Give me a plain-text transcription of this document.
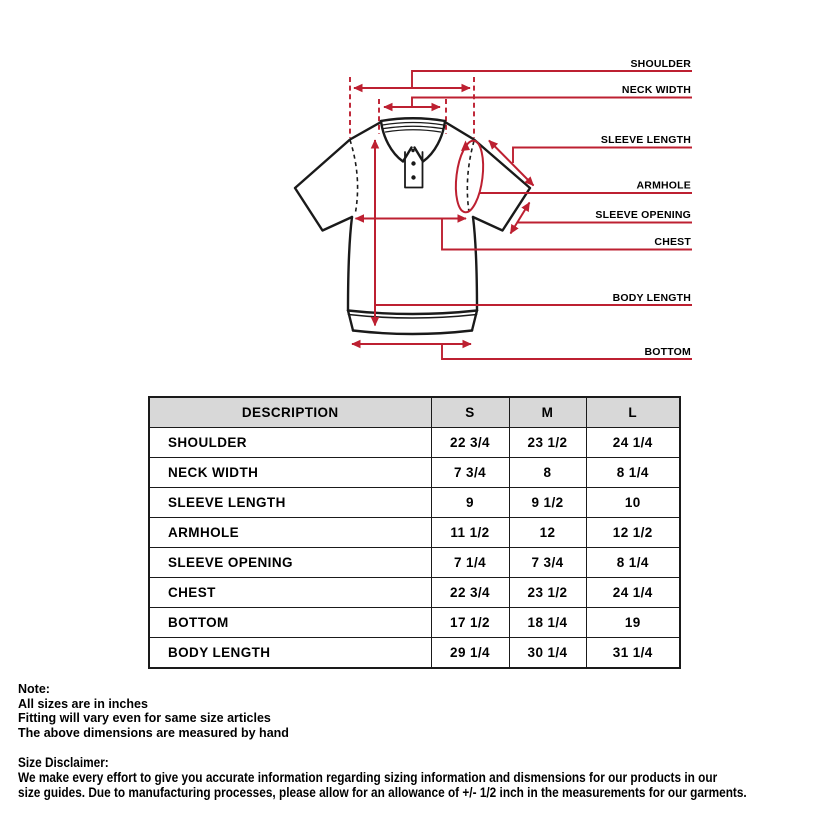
SHOULDER
NECK WIDTH
SLEEVE LENGTH
ARMHOLE
SLEEVE OPENING
CHEST
BODY LENGTH
BOTTOM
DESCRIPTION	S	M	L
SHOULDER	22 3/4	23 1/2	24 1/4
NECK WIDTH	7 3/4	8	8 1/4
SLEEVE LENGTH	9	9 1/2	10
ARMHOLE	11 1/2	12	12 1/2
SLEEVE OPENING	7 1/4	7 3/4	8 1/4
CHEST	22 3/4	23 1/2	24 1/4
BOTTOM	17 1/2	18 1/4	19
BODY LENGTH	29 1/4	30 1/4	31 1/4
Note:
All sizes are in inches
Fitting will vary even for same size articles
The above dimensions are measured by hand
Size Disclaimer:
We make every effort to give you accurate information regarding sizing information and dismensions for our products in our
size guides. Due to manufacturing processes, please allow for an allowance of +/- 1/2 inch in the measurements for our garments.
